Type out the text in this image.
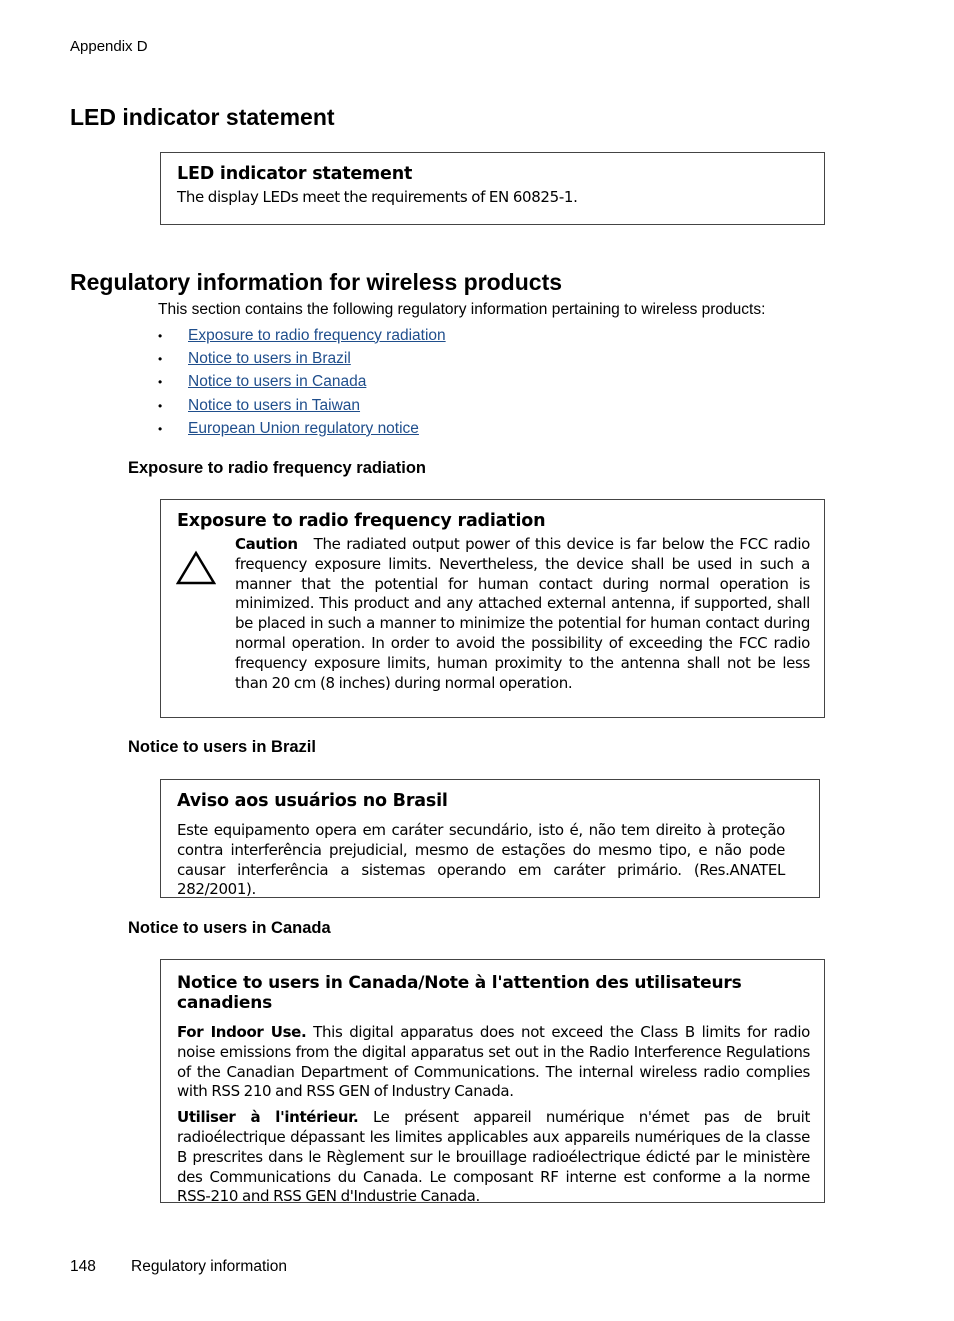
Appendix D
LED indicator statement

LED indicator statement

The display LEDs meet the requirements of EN 60825-1.

Regulatory information for wireless products
This section contains the following regulatory information pertaining to wireless products:
•	Exposure to radio frequency radiation
•	Notice to users in Brazil
•	Notice to users in Canada
•	Notice to users in Taiwan
•	European Union regulatory notice
Exposure to radio frequency radiation

Exposure to radio frequency radiation

Caution The radiated output power of this device is far below the FCC radio frequency exposure limits. Nevertheless, the device shall be used in such a manner that the potential for human contact during normal operation is minimized. This product and any attached external antenna, if supported, shall be placed in such a manner to minimize the potential for human contact during normal operation. In order to avoid the possibility of exceeding the FCC radio frequency exposure limits, human proximity to the antenna shall not be less than 20 cm (8 inches) during normal operation.

Notice to users in Brazil

Aviso aos usuários no Brasil

Este equipamento opera em caráter secundário, isto é, não tem direito à proteção contra interferência prejudicial, mesmo de estações do mesmo tipo, e não pode causar interferência a sistemas operando em caráter primário. (Res.ANATEL 282/2001).

Notice to users in Canada

Notice to users in Canada/Note à l'attention des utilisateurs canadiens

For Indoor Use. This digital apparatus does not exceed the Class B limits for radio noise emissions from the digital apparatus set out in the Radio Interference Regulations of the Canadian Department of Communications. The internal wireless radio complies with RSS 210 and RSS GEN of Industry Canada.

Utiliser à l'intérieur. Le présent appareil numérique n'émet pas de bruit radioélectrique dépassant les limites applicables aux appareils numériques de la classe B prescrites dans le Règlement sur le brouillage radioélectrique édicté par le ministère des Communications du Canada. Le composant RF interne est conforme a la norme RSS-210 and RSS GEN d'Industrie Canada.

148 Regulatory information
